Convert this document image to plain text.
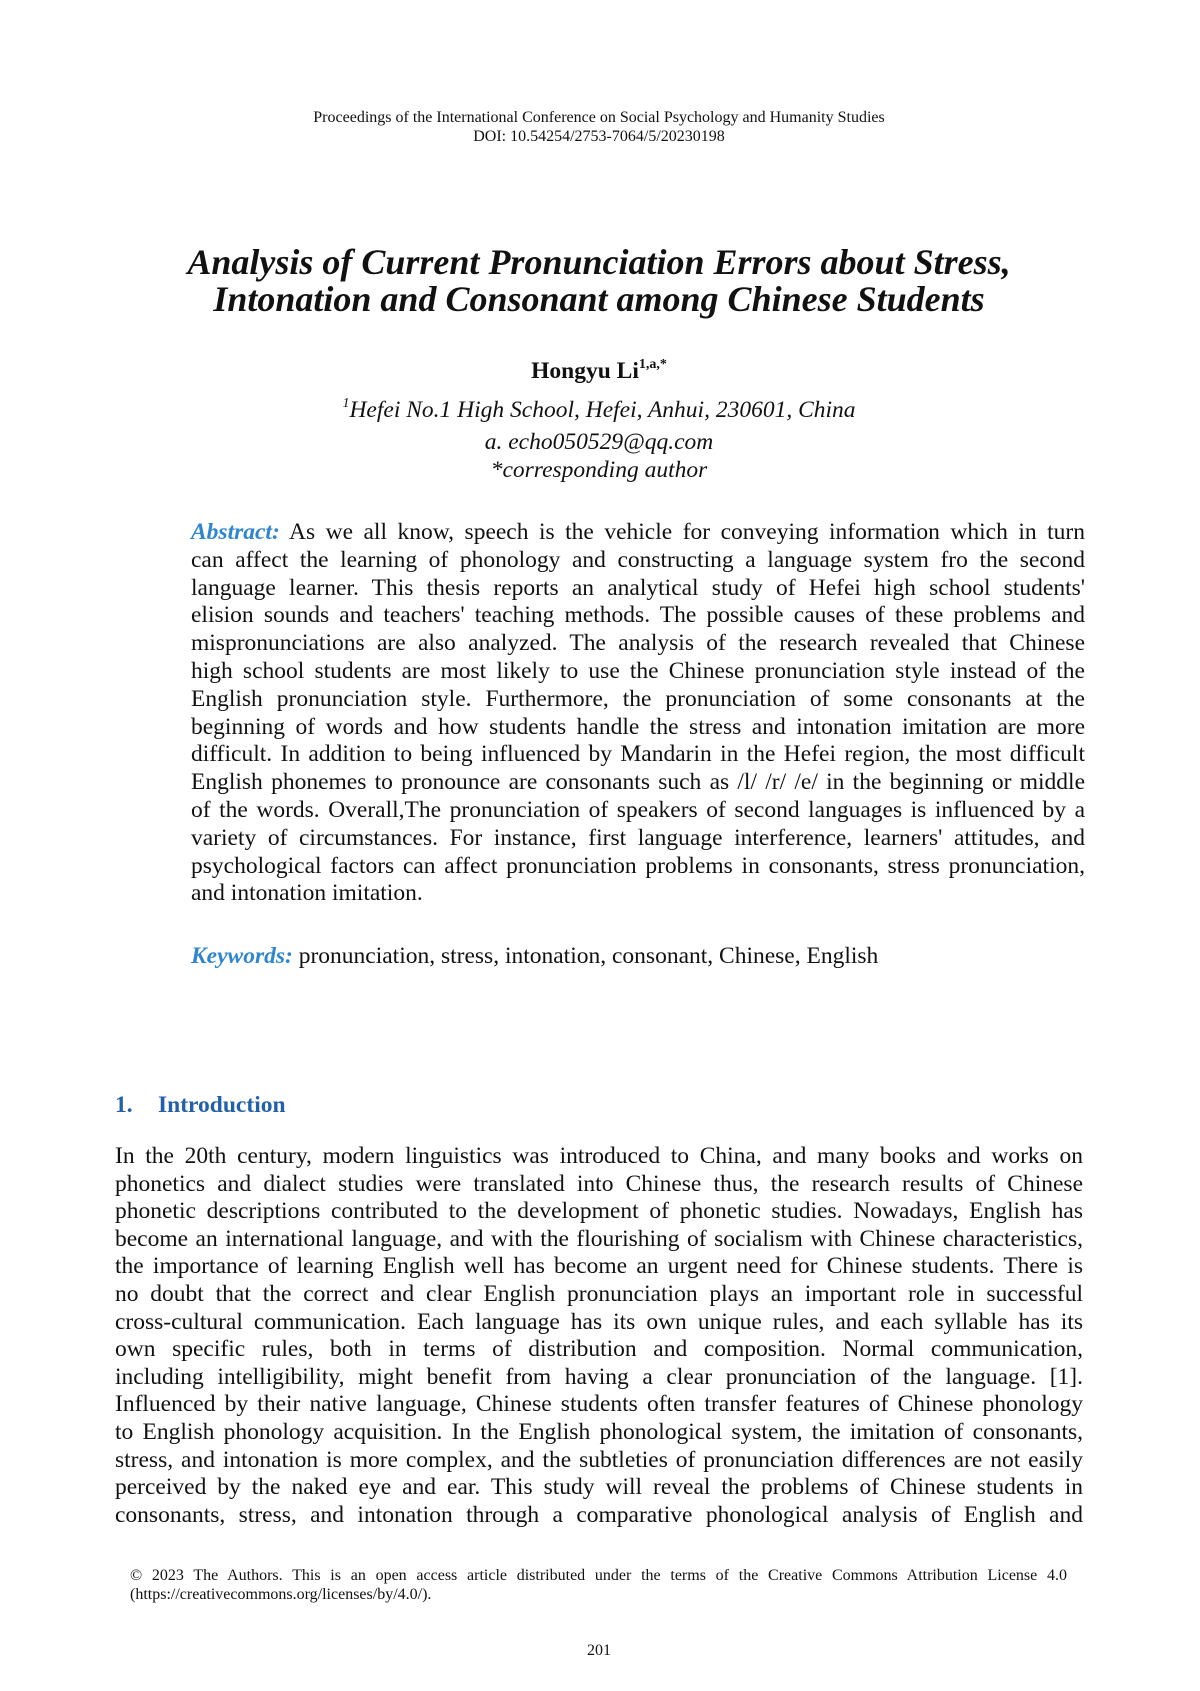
Proceedings of the International Conference on Social Psychology and Humanity Studies
DOI: 10.54254/2753-7064/5/20230198
Analysis of Current Pronunciation Errors about Stress,
Intonation and Consonant among Chinese Students
Hongyu $Li^{1,a,*}$
$^1$Hefei No.1 High School, Hefei, Anhui, 230601, China
a. echo050529@qq.com
*corresponding author
Abstract: As we all know, speech is the vehicle for conveying information which in turn
can affect the learning of phonology and constructing a language system fro the second
language learner. This thesis reports an analytical study of Hefei high school students'
elision sounds and teachers' teaching methods. The possible causes of these problems and
mispronunciations are also analyzed. The analysis of the research revealed that Chinese
high school students are most likely to use the Chinese pronunciation style instead of the
English pronunciation style. Furthermore, the pronunciation of some consonants at the
beginning of words and how students handle the stress and intonation imitation are more
difficult. In addition to being influenced by Mandarin in the Hefei region, the most difficult
English phonemes to pronounce are consonants such as /l/ /r/ /e/ in the beginning or middle
of the words. Overall,The pronunciation of speakers of second languages is influenced by a
variety of circumstances. For instance, first language interference, learners' attitudes, and
psychological factors can affect pronunciation problems in consonants, stress pronunciation,
and intonation imitation.
Keywords: pronunciation, stress, intonation, consonant, Chinese, English
1. Introduction
In the 20th century, modern linguistics was introduced to China, and many books and works on
phonetics and dialect studies were translated into Chinese thus, the research results of Chinese
phonetic descriptions contributed to the development of phonetic studies. Nowadays, English has
become an international language, and with the flourishing of socialism with Chinese characteristics,
the importance of learning English well has become an urgent need for Chinese students. There is
no doubt that the correct and clear English pronunciation plays an important role in successful
cross-cultural communication. Each language has its own unique rules, and each syllable has its
own specific rules, both in terms of distribution and composition. Normal communication,
including intelligibility, might benefit from having a clear pronunciation of the language. [1].
Influenced by their native language, Chinese students often transfer features of Chinese phonology
to English phonology acquisition. In the English phonological system, the imitation of consonants,
stress, and intonation is more complex, and the subtleties of pronunciation differences are not easily
perceived by the naked eye and ear. This study will reveal the problems of Chinese students in
consonants, stress, and intonation through a comparative phonological analysis of English and
© 2023 The Authors. This is an open access article distributed under the terms of the Creative Commons Attribution License 4.0
(https://creativecommons.org/licenses/by/4.0/).
201
